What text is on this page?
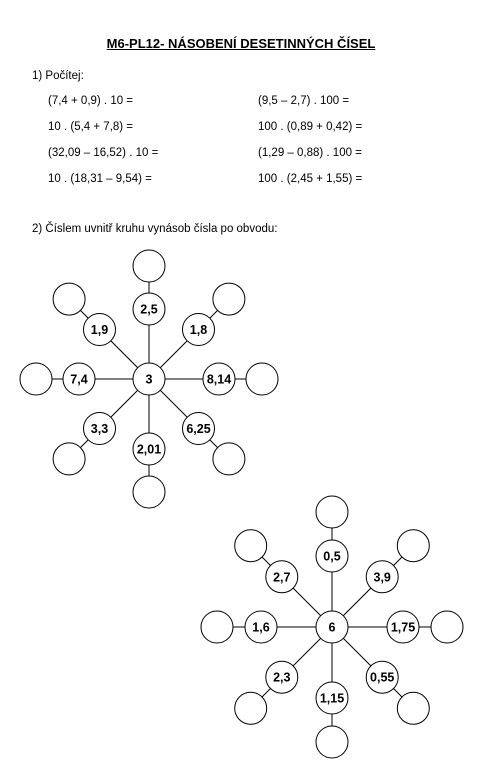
M6-PL12- NÁSOBENÍ DESETINNÝCH ČÍSEL
1) Počítej:
(7,4 + 0,9) . 10 =
10 . (5,4 + 7,8) =
(32,09 – 16,52) . 10 =
10 . (18,31 – 9,54) =
(9,5 – 2,7) . 100 =
100 . (0,89 + 0,42) =
(1,29 – 0,88) . 100 =
100 . (2,45 + 1,55) =
2) Číslem uvnitř kruhu vynásob čísla po obvodu:
2,5
1,8
8,14
6,25
2,01
3,3
7,4
1,9
3
0,5
3,9
1,75
0,55
1,15
2,3
1,6
2,7
6
